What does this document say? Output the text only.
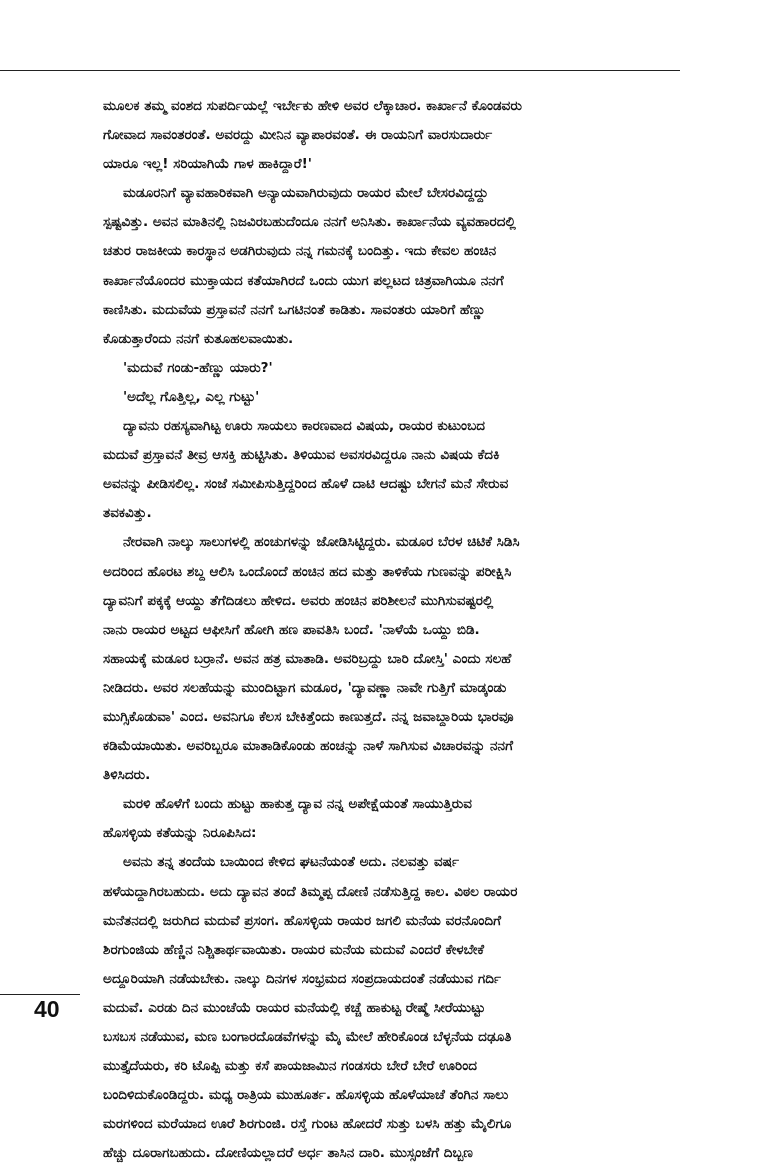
ಮೂಲಕ ತಮ್ಮ ವಂಶದ ಸುಪರ್ದಿಯಲ್ಲೆ ಇರ್ಬೇಕು ಹೇಳಿ ಅವರ ಲೆಕ್ಕಾಚಾರ. ಕಾರ್ಖಾನೆ ಕೊಂಡವರು
ಗೋವಾದ ಸಾವಂತರಂತೆ. ಅವರದ್ದು ಮೀನಿನ ವ್ಯಾಪಾರವಂತೆ. ಈ ರಾಯನಿಗೆ ವಾರಸುದಾರ್ರು
ಯಾರೂ ಇಲ್ಲ! ಸರಿಯಾಗಿಯೆ ಗಾಳ ಹಾಕಿದ್ದಾರೆ!'
ಮಡೂರನಿಗೆ ವ್ಯಾವಹಾರಿಕವಾಗಿ ಅನ್ಯಾಯವಾಗಿರುವುದು ರಾಯರ ಮೇಲೆ ಬೇಸರವಿದ್ದದ್ದು
ಸ್ಪಷ್ಟವಿತ್ತು. ಅವನ ಮಾತಿನಲ್ಲಿ ನಿಜವಿರಬಹುದೆಂದೂ ನನಗೆ ಅನಿಸಿತು. ಕಾರ್ಖಾನೆಯ ವ್ಯವಹಾರದಲ್ಲಿ
ಚತುರ ರಾಜಕೀಯ ಕಾರಸ್ಥಾನ ಅಡಗಿರುವುದು ನನ್ನ ಗಮನಕ್ಕೆ ಬಂದಿತ್ತು. ಇದು ಕೇವಲ ಹಂಚಿನ
ಕಾರ್ಖಾನೆಯೊಂದರ ಮುಕ್ತಾಯದ ಕತೆಯಾಗಿರದೆ ಒಂದು ಯುಗ ಪಲ್ಲಟದ ಚಿತ್ರವಾಗಿಯೂ ನನಗೆ
ಕಾಣಿಸಿತು. ಮದುವೆಯ ಪ್ರಸ್ತಾವನೆ ನನಗೆ ಒಗಟಿನಂತೆ ಕಾಡಿತು. ಸಾವಂತರು ಯಾರಿಗೆ ಹೆಣ್ಣು
ಕೊಡುತ್ತಾರೆಂದು ನನಗೆ ಕುತೂಹಲವಾಯಿತು.
'ಮದುವೆ ಗಂಡು-ಹೆಣ್ಣು ಯಾರು?'
'ಅದೆಲ್ಲ ಗೊತ್ತಿಲ್ಲ, ಎಲ್ಲ ಗುಟ್ಟು'
ದ್ಯಾವನು ರಹಸ್ಯವಾಗಿಟ್ಟ ಊರು ಸಾಯಲು ಕಾರಣವಾದ ವಿಷಯ, ರಾಯರ ಕುಟುಂಬದ
ಮದುವೆ ಪ್ರಸ್ತಾವನೆ ತೀವ್ರ ಆಸಕ್ತಿ ಹುಟ್ಟಿಸಿತು. ತಿಳಿಯುವ ಅವಸರವಿದ್ದರೂ ನಾನು ವಿಷಯ ಕೆದಕಿ
ಅವನನ್ನು ಪೀಡಿಸಲಿಲ್ಲ. ಸಂಜೆ ಸಮೀಪಿಸುತ್ತಿದ್ದರಿಂದ ಹೊಳೆ ದಾಟಿ ಆದಷ್ಟು ಬೇಗನೆ ಮನೆ ಸೇರುವ
ತವಕವಿತ್ತು.
ನೇರವಾಗಿ ನಾಲ್ಕು ಸಾಲುಗಳಲ್ಲಿ ಹಂಚುಗಳನ್ನು ಜೋಡಿಸಿಟ್ಟಿದ್ದರು. ಮಡೂರ ಬೆರಳ ಚಿಟಿಕೆ ಸಿಡಿಸಿ
ಅದರಿಂದ ಹೊರಟ ಶಬ್ದ ಆಲಿಸಿ ಒಂದೊಂದೆ ಹಂಚಿನ ಹದ ಮತ್ತು ತಾಳಿಕೆಯ ಗುಣವನ್ನು ಪರೀಕ್ಷಿಸಿ
ದ್ಯಾವನಿಗೆ ಪಕ್ಕಕ್ಕೆ ಆಯ್ದು ತೆಗೆದಿಡಲು ಹೇಳಿದ. ಅವರು ಹಂಚಿನ ಪರಿಶೀಲನೆ ಮುಗಿಸುವಷ್ಟರಲ್ಲಿ
ನಾನು ರಾಯರ ಅಟ್ಟದ ಆಫೀಸಿಗೆ ಹೋಗಿ ಹಣ ಪಾವತಿಸಿ ಬಂದೆ. 'ನಾಳೆಯೆ ಒಯ್ದು ಬಿಡಿ.
ಸಹಾಯಕ್ಕೆ ಮಡೂರ ಬರ್ರಾನೆ. ಅವನ ಹತ್ರ ಮಾತಾಡಿ. ಅವರಿಬ್ರದ್ದು ಬಾರಿ ದೋಸ್ತಿ' ಎಂದು ಸಲಹೆ
ನೀಡಿದರು. ಅವರ ಸಲಹೆಯನ್ನು ಮುಂದಿಟ್ಟಾಗ ಮಡೂರ, 'ದ್ಯಾವಣ್ಣಾ ನಾವೇ ಗುತ್ತಿಗೆ ಮಾಡ್ಕಂಡು
ಮುಗ್ಸಿಕೊಡುವಾ' ಎಂದ. ಅವನಿಗೂ ಕೆಲಸ ಬೇಕಿತ್ತೆಂದು ಕಾಣುತ್ತದೆ. ನನ್ನ ಜವಾಬ್ದಾರಿಯ ಭಾರವೂ
ಕಡಿಮೆಯಾಯಿತು. ಅವರಿಬ್ಬರೂ ಮಾತಾಡಿಕೊಂಡು ಹಂಚನ್ನು ನಾಳೆ ಸಾಗಿಸುವ ವಿಚಾರವನ್ನು ನನಗೆ
ತಿಳಿಸಿದರು.
ಮರಳಿ ಹೊಳೆಗೆ ಬಂದು ಹುಟ್ಟು ಹಾಕುತ್ತ ದ್ಯಾವ ನನ್ನ ಅಪೇಕ್ಷೆಯಂತೆ ಸಾಯುತ್ತಿರುವ
ಹೊಸಳ್ಳಿಯ ಕತೆಯನ್ನು ನಿರೂಪಿಸಿದ:
ಅವನು ತನ್ನ ತಂದೆಯ ಬಾಯಿಂದ ಕೇಳಿದ ಘಟನೆಯಂತೆ ಅದು. ನಲವತ್ತು ವರ್ಷ
ಹಳೆಯದ್ದಾಗಿರಬಹುದು. ಅದು ದ್ಯಾವನ ತಂದೆ ತಿಮ್ಮಪ್ಪ ದೋಣಿ ನಡೆಸುತ್ತಿದ್ದ ಕಾಲ. ವಿಠಲ ರಾಯರ
ಮನೆತನದಲ್ಲಿ ಜರುಗಿದ ಮದುವೆ ಪ್ರಸಂಗ. ಹೊಸಳ್ಳಿಯ ರಾಯರ ಜಗಲಿ ಮನೆಯ ವರನೊಂದಿಗೆ
ಶಿರಗುಂಜಿಯ ಹೆಣ್ಣಿನ ನಿಶ್ಚಿತಾರ್ಥವಾಯಿತು. ರಾಯರ ಮನೆಯ ಮದುವೆ ಎಂದರೆ ಕೇಳಬೇಕೆ
ಅದ್ದೂರಿಯಾಗಿ ನಡೆಯಬೇಕು. ನಾಲ್ಕು ದಿನಗಳ ಸಂಭ್ರಮದ ಸಂಪ್ರದಾಯದಂತೆ ನಡೆಯುವ ಗರ್ದಿ
ಮದುವೆ. ಎರಡು ದಿನ ಮುಂಚೆಯೆ ರಾಯರ ಮನೆಯಲ್ಲಿ ಕಚ್ಚೆ ಹಾಕುಟ್ಟ ರೇಷ್ಮೆ ಸೀರೆಯುಟ್ಟು
ಬಸಬಸ ನಡೆಯುವ, ಮಣ ಬಂಗಾರದೊಡವೆಗಳನ್ನು ಮೈ ಮೇಲೆ ಹೇರಿಕೊಂಡ ಬೆಳ್ಳನೆಯ ದಢೂತಿ
ಮುತ್ತೈದೆಯರು, ಕರಿ ಟೊಪ್ಪಿ ಮತ್ತು ಕಸೆ ಪಾಯಜಾಮಿನ ಗಂಡಸರು ಬೇರೆ ಬೇರೆ ಊರಿಂದ
ಬಂದಿಳಿದುಕೊಂಡಿದ್ದರು. ಮಧ್ಯ ರಾತ್ರಿಯ ಮುಹೂರ್ತ. ಹೊಸಳ್ಳಿಯ ಹೊಳೆಯಾಚೆ ತೆಂಗಿನ ಸಾಲು
ಮರಗಳಿಂದ ಮರೆಯಾದ ಊರೆ ಶಿರಗುಂಜಿ. ರಸ್ತೆ ಗುಂಟ ಹೋದರೆ ಸುತ್ತು ಬಳಸಿ ಹತ್ತು ಮೈಲಿಗೂ
ಹೆಚ್ಚು ದೂರಾಗಬಹುದು. ದೋಣಿಯಲ್ಲಾದರೆ ಅರ್ಧ ತಾಸಿನ ದಾರಿ. ಮುಸ್ಸಂಜೆಗೆ ದಿಬ್ಬಣ
40
